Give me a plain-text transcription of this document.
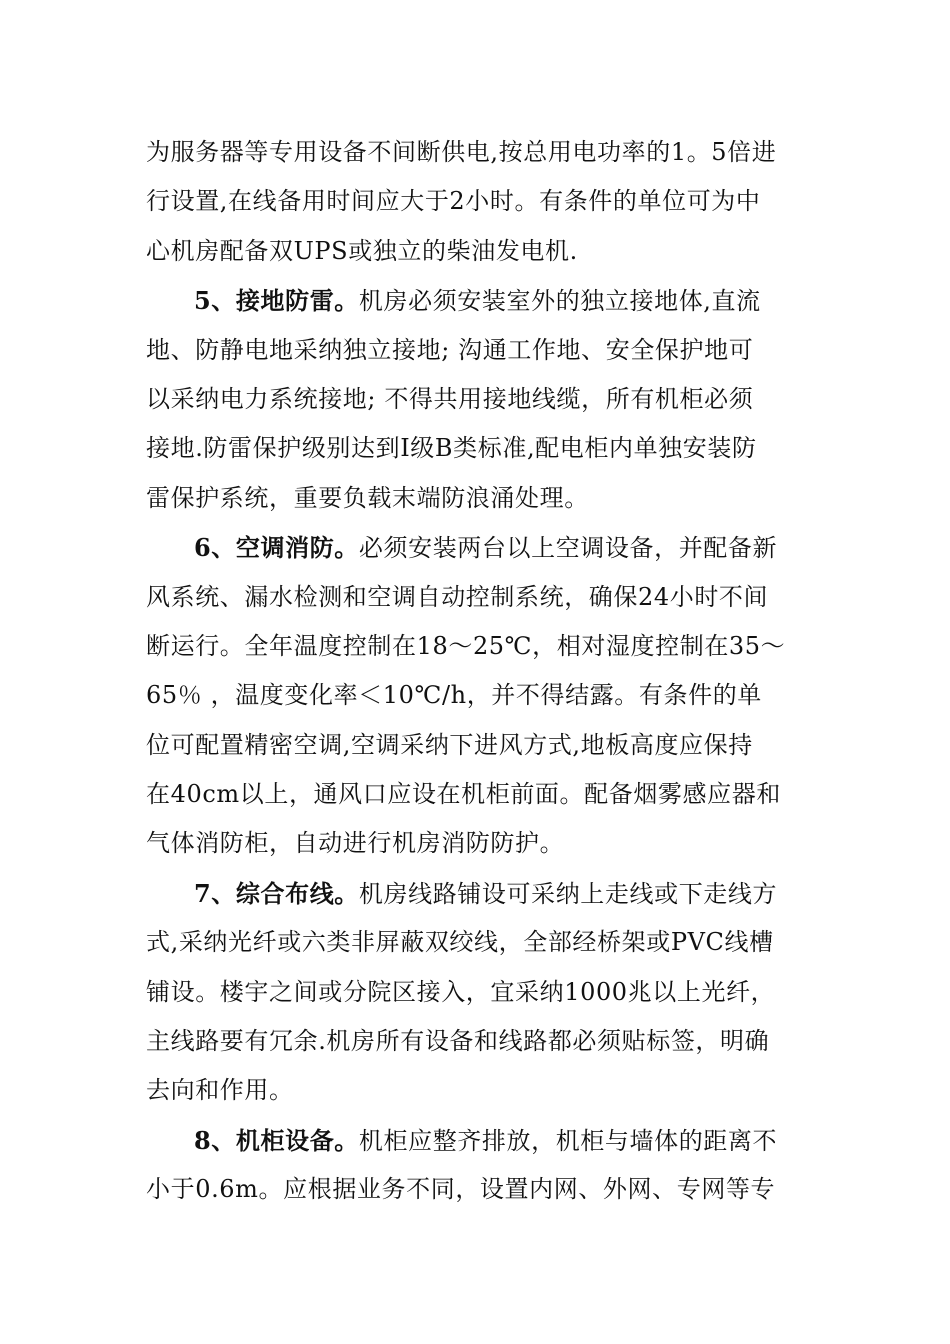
为服务器等专用设备不间断供电,按总用电功率的1。5倍进
行设置,在线备用时间应大于2小时。有条件的单位可为中
心机房配备双UPS或独立的柴油发电机.
5、接地防雷。机房必须安装室外的独立接地体,直流
地、防静电地采纳独立接地; 沟通工作地、安全保护地可
以采纳电力系统接地; 不得共用接地线缆，所有机柜必须
接地.防雷保护级别达到Ⅰ级B类标准,配电柜内单独安装防
雷保护系统，重要负载末端防浪涌处理。
6、空调消防。必须安装两台以上空调设备，并配备新
风系统、漏水检测和空调自动控制系统，确保24小时不间
断运行。全年温度控制在18～25℃，相对湿度控制在35～
65％ ，温度变化率＜10℃/h，并不得结露。有条件的单
位可配置精密空调,空调采纳下进风方式,地板高度应保持
在40cm以上，通风口应设在机柜前面。配备烟雾感应器和
气体消防柜，自动进行机房消防防护。
7、综合布线。机房线路铺设可采纳上走线或下走线方
式,采纳光纤或六类非屏蔽双绞线，全部经桥架或PVC线槽
铺设。楼宇之间或分院区接入，宜采纳1000兆以上光纤，
主线路要有冗余.机房所有设备和线路都必须贴标签，明确
去向和作用。
8、机柜设备。机柜应整齐排放，机柜与墙体的距离不
小于0.6m。应根据业务不同，设置内网、外网、专网等专
